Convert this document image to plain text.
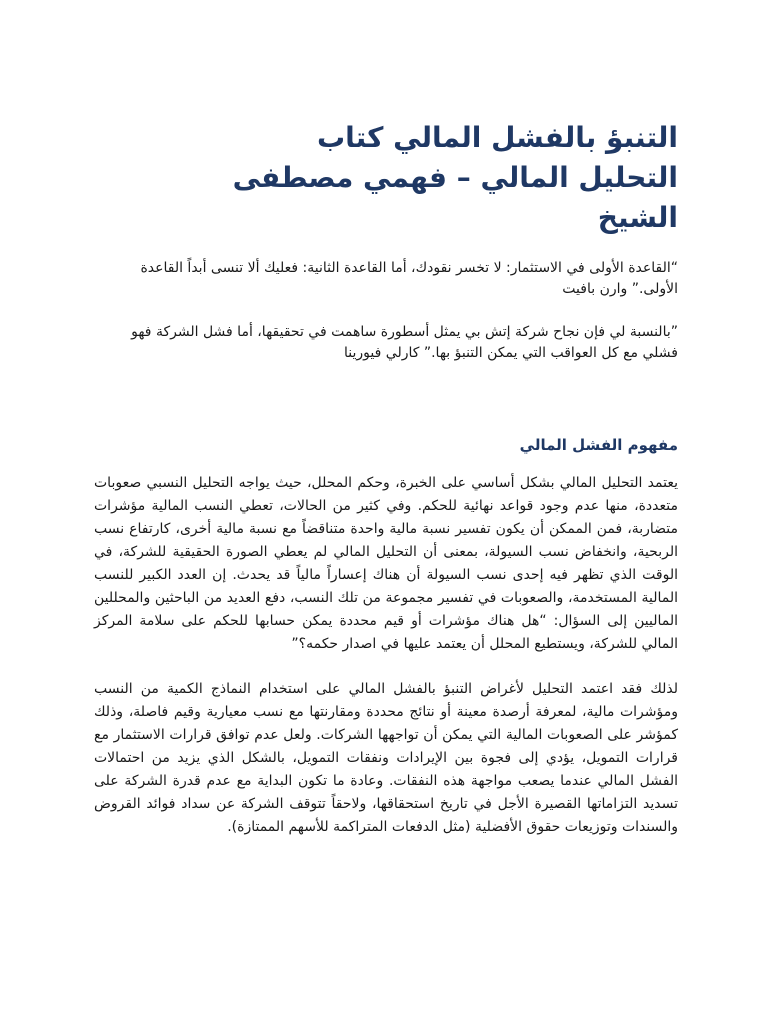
التنبؤ بالفشل المالي كتاب
التحليل المالي – فهمي مصطفى
الشيخ

“القاعدة الأولى في الاستثمار: لا تخسر نقودك، أما القاعدة الثانية: فعليك ألا تنسى أبداً القاعدة الأولى.” وارن بافيت

”بالنسبة لي فإن نجاح شركة إتش بي يمثل أسطورة ساهمت في تحقيقها، أما فشل الشركة فهو فشلي مع كل العواقب التي يمكن التنبؤ بها.” كارلي فيورينا

مفهوم الفشل المالي

يعتمد التحليل المالي بشكل أساسي على الخبرة، وحكم المحلل، حيث يواجه التحليل النسبي صعوبات متعددة، منها عدم وجود قواعد نهائية للحكم. وفي كثير من الحالات، تعطي النسب المالية مؤشرات متضاربة، فمن الممكن أن يكون تفسير نسبة مالية واحدة متناقضاً مع نسبة مالية أخرى، كارتفاع نسب الربحية، وانخفاض نسب السيولة، بمعنى أن التحليل المالي لم يعطي الصورة الحقيقية للشركة، في الوقت الذي تظهر فيه إحدى نسب السيولة أن هناك إعساراً مالياً قد يحدث. إن العدد الكبير للنسب المالية المستخدمة، والصعوبات في تفسير مجموعة من تلك النسب، دفع العديد من الباحثين والمحللين الماليين إلى السؤال: “هل هناك مؤشرات أو قيم محددة يمكن حسابها للحكم على سلامة المركز المالي للشركة، ويستطيع المحلل أن يعتمد عليها في اصدار حكمه؟”

لذلك فقد اعتمد التحليل لأغراض التنبؤ بالفشل المالي على استخدام النماذج الكمية من النسب ومؤشرات مالية، لمعرفة أرصدة معينة أو نتائج محددة ومقارنتها مع نسب معيارية وقيم فاصلة، وذلك كمؤشر على الصعوبات المالية التي يمكن أن تواجهها الشركات. ولعل عدم توافق قرارات الاستثمار مع قرارات التمويل، يؤدي إلى فجوة بين الإيرادات ونفقات التمويل، بالشكل الذي يزيد من احتمالات الفشل المالي عندما يصعب مواجهة هذه النفقات. وعادة ما تكون البداية مع عدم قدرة الشركة على تسديد التزاماتها القصيرة الأجل في تاريخ استحقاقها، ولاحقاً تتوقف الشركة عن سداد فوائد القروض والسندات وتوزيعات حقوق الأفضلية (مثل الدفعات المتراكمة للأسهم الممتازة).
